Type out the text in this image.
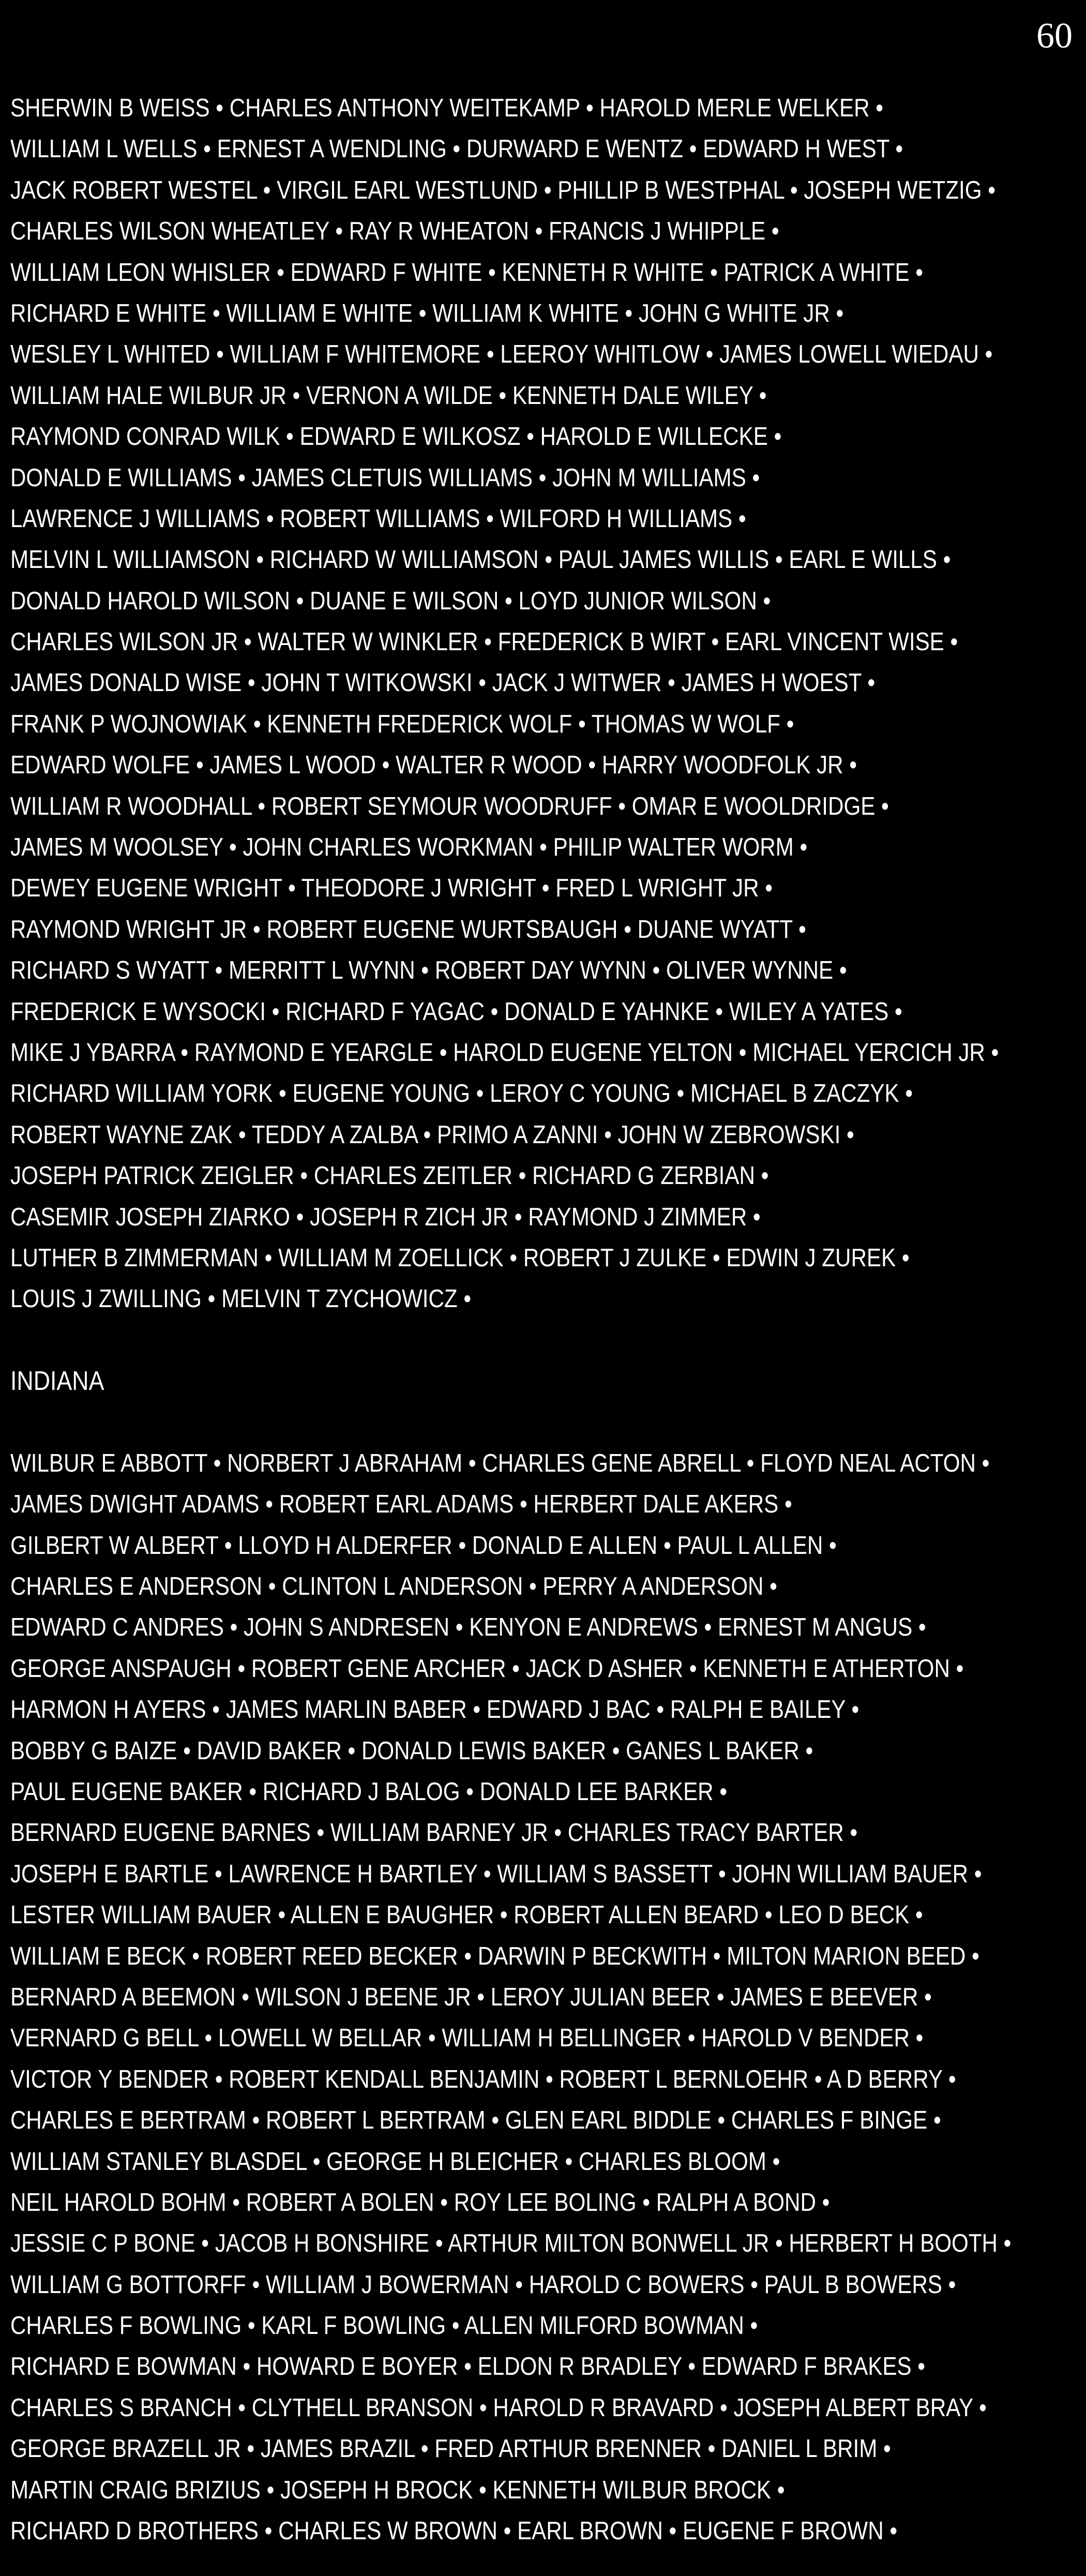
60
SHERWIN B WEISS • CHARLES ANTHONY WEITEKAMP • HAROLD MERLE WELKER •
WILLIAM L WELLS • ERNEST A WENDLING • DURWARD E WENTZ • EDWARD H WEST •
JACK ROBERT WESTEL • VIRGIL EARL WESTLUND • PHILLIP B WESTPHAL • JOSEPH WETZIG •
CHARLES WILSON WHEATLEY • RAY R WHEATON • FRANCIS J WHIPPLE •
WILLIAM LEON WHISLER • EDWARD F WHITE • KENNETH R WHITE • PATRICK A WHITE •
RICHARD E WHITE • WILLIAM E WHITE • WILLIAM K WHITE • JOHN G WHITE JR •
WESLEY L WHITED • WILLIAM F WHITEMORE • LEEROY WHITLOW • JAMES LOWELL WIEDAU •
WILLIAM HALE WILBUR JR • VERNON A WILDE • KENNETH DALE WILEY •
RAYMOND CONRAD WILK • EDWARD E WILKOSZ • HAROLD E WILLECKE •
DONALD E WILLIAMS • JAMES CLETUIS WILLIAMS • JOHN M WILLIAMS •
LAWRENCE J WILLIAMS • ROBERT WILLIAMS • WILFORD H WILLIAMS •
MELVIN L WILLIAMSON • RICHARD W WILLIAMSON • PAUL JAMES WILLIS • EARL E WILLS •
DONALD HAROLD WILSON • DUANE E WILSON • LOYD JUNIOR WILSON •
CHARLES WILSON JR • WALTER W WINKLER • FREDERICK B WIRT • EARL VINCENT WISE •
JAMES DONALD WISE • JOHN T WITKOWSKI • JACK J WITWER • JAMES H WOEST •
FRANK P WOJNOWIAK • KENNETH FREDERICK WOLF • THOMAS W WOLF •
EDWARD WOLFE • JAMES L WOOD • WALTER R WOOD • HARRY WOODFOLK JR •
WILLIAM R WOODHALL • ROBERT SEYMOUR WOODRUFF • OMAR E WOOLDRIDGE •
JAMES M WOOLSEY • JOHN CHARLES WORKMAN • PHILIP WALTER WORM •
DEWEY EUGENE WRIGHT • THEODORE J WRIGHT • FRED L WRIGHT JR •
RAYMOND WRIGHT JR • ROBERT EUGENE WURTSBAUGH • DUANE WYATT •
RICHARD S WYATT • MERRITT L WYNN • ROBERT DAY WYNN • OLIVER WYNNE •
FREDERICK E WYSOCKI • RICHARD F YAGAC • DONALD E YAHNKE • WILEY A YATES •
MIKE J YBARRA • RAYMOND E YEARGLE • HAROLD EUGENE YELTON • MICHAEL YERCICH JR •
RICHARD WILLIAM YORK • EUGENE YOUNG • LEROY C YOUNG • MICHAEL B ZACZYK •
ROBERT WAYNE ZAK • TEDDY A ZALBA • PRIMO A ZANNI • JOHN W ZEBROWSKI •
JOSEPH PATRICK ZEIGLER • CHARLES ZEITLER • RICHARD G ZERBIAN •
CASEMIR JOSEPH ZIARKO • JOSEPH R ZICH JR • RAYMOND J ZIMMER •
LUTHER B ZIMMERMAN • WILLIAM M ZOELLICK • ROBERT J ZULKE • EDWIN J ZUREK •
LOUIS J ZWILLING • MELVIN T ZYCHOWICZ •
INDIANA
WILBUR E ABBOTT • NORBERT J ABRAHAM • CHARLES GENE ABRELL • FLOYD NEAL ACTON •
JAMES DWIGHT ADAMS • ROBERT EARL ADAMS • HERBERT DALE AKERS •
GILBERT W ALBERT • LLOYD H ALDERFER • DONALD E ALLEN • PAUL L ALLEN •
CHARLES E ANDERSON • CLINTON L ANDERSON • PERRY A ANDERSON •
EDWARD C ANDRES • JOHN S ANDRESEN • KENYON E ANDREWS • ERNEST M ANGUS •
GEORGE ANSPAUGH • ROBERT GENE ARCHER • JACK D ASHER • KENNETH E ATHERTON •
HARMON H AYERS • JAMES MARLIN BABER • EDWARD J BAC • RALPH E BAILEY •
BOBBY G BAIZE • DAVID BAKER • DONALD LEWIS BAKER • GANES L BAKER •
PAUL EUGENE BAKER • RICHARD J BALOG • DONALD LEE BARKER •
BERNARD EUGENE BARNES • WILLIAM BARNEY JR • CHARLES TRACY BARTER •
JOSEPH E BARTLE • LAWRENCE H BARTLEY • WILLIAM S BASSETT • JOHN WILLIAM BAUER •
LESTER WILLIAM BAUER • ALLEN E BAUGHER • ROBERT ALLEN BEARD • LEO D BECK •
WILLIAM E BECK • ROBERT REED BECKER • DARWIN P BECKWITH • MILTON MARION BEED •
BERNARD A BEEMON • WILSON J BEENE JR • LEROY JULIAN BEER • JAMES E BEEVER •
VERNARD G BELL • LOWELL W BELLAR • WILLIAM H BELLINGER • HAROLD V BENDER •
VICTOR Y BENDER • ROBERT KENDALL BENJAMIN • ROBERT L BERNLOEHR • A D BERRY •
CHARLES E BERTRAM • ROBERT L BERTRAM • GLEN EARL BIDDLE • CHARLES F BINGE •
WILLIAM STANLEY BLASDEL • GEORGE H BLEICHER • CHARLES BLOOM •
NEIL HAROLD BOHM • ROBERT A BOLEN • ROY LEE BOLING • RALPH A BOND •
JESSIE C P BONE • JACOB H BONSHIRE • ARTHUR MILTON BONWELL JR • HERBERT H BOOTH •
WILLIAM G BOTTORFF • WILLIAM J BOWERMAN • HAROLD C BOWERS • PAUL B BOWERS •
CHARLES F BOWLING • KARL F BOWLING • ALLEN MILFORD BOWMAN •
RICHARD E BOWMAN • HOWARD E BOYER • ELDON R BRADLEY • EDWARD F BRAKES •
CHARLES S BRANCH • CLYTHELL BRANSON • HAROLD R BRAVARD • JOSEPH ALBERT BRAY •
GEORGE BRAZELL JR • JAMES BRAZIL • FRED ARTHUR BRENNER • DANIEL L BRIM •
MARTIN CRAIG BRIZIUS • JOSEPH H BROCK • KENNETH WILBUR BROCK •
RICHARD D BROTHERS • CHARLES W BROWN • EARL BROWN • EUGENE F BROWN •
